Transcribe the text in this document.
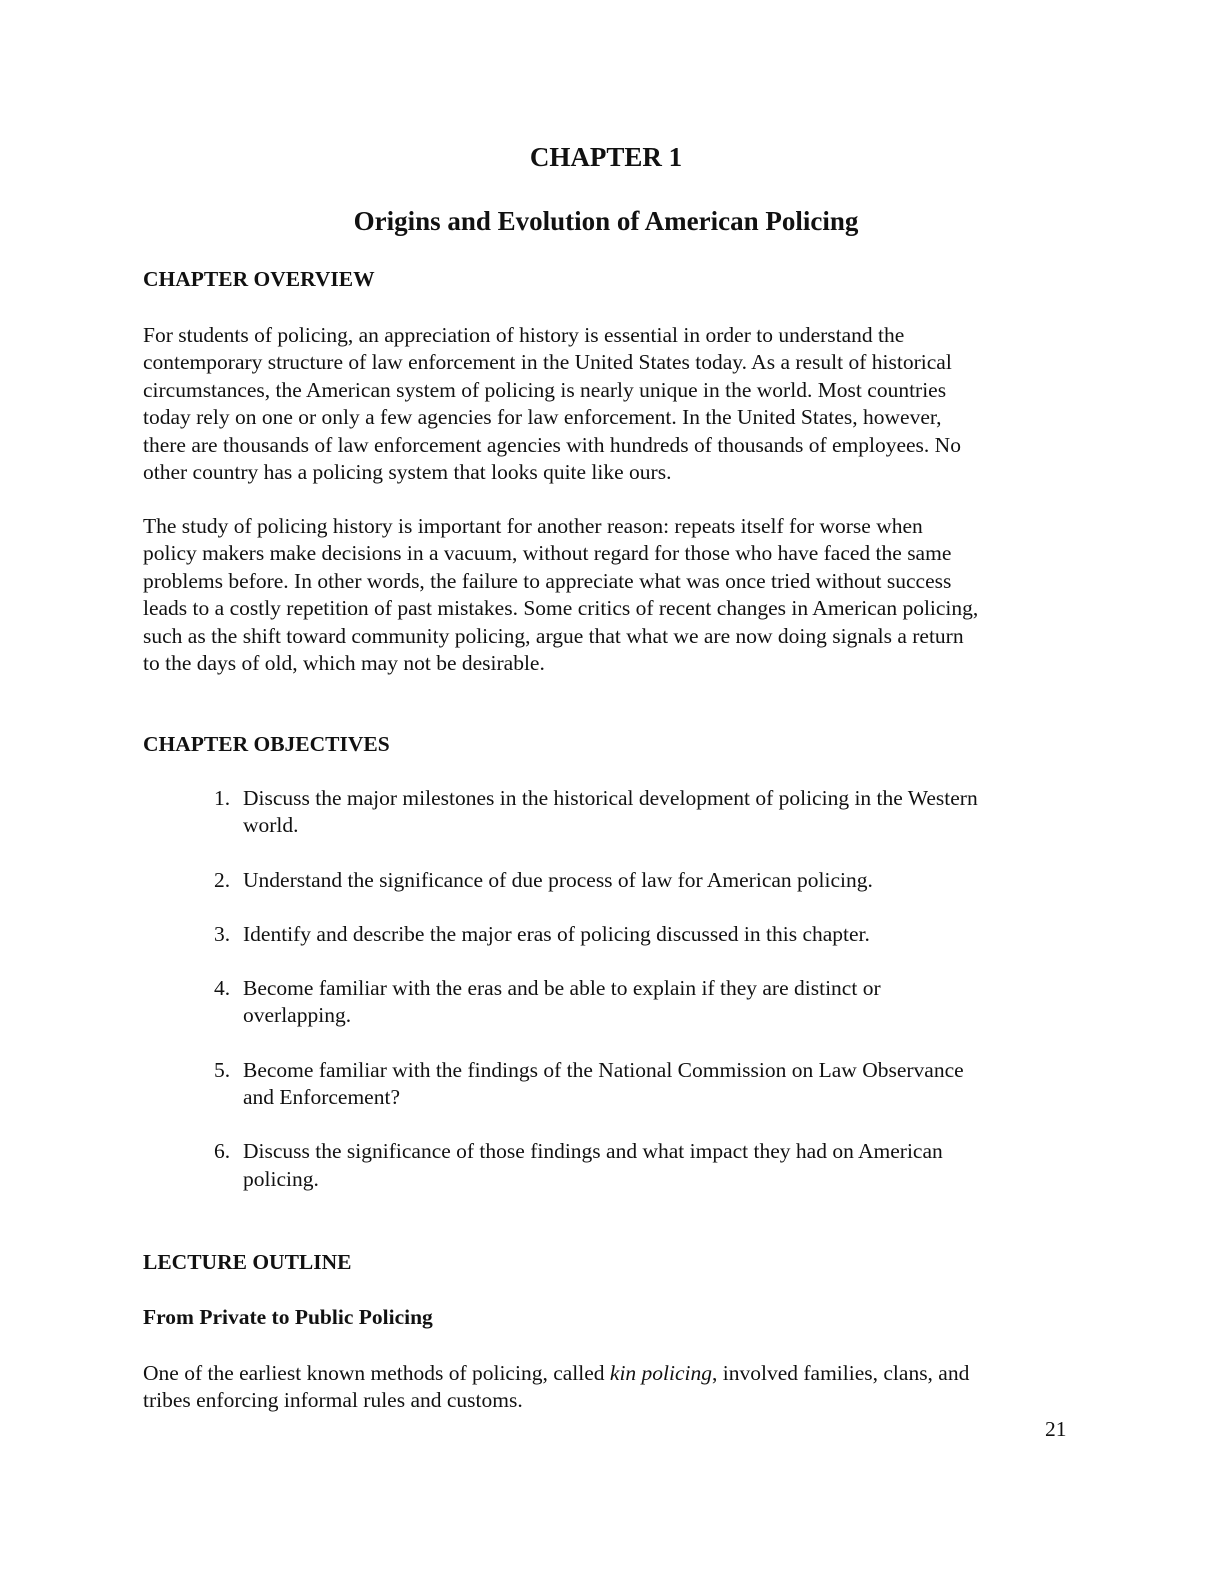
CHAPTER 1
Origins and Evolution of American Policing
CHAPTER OVERVIEW
For students of policing, an appreciation of history is essential in order to understand the
contemporary structure of law enforcement in the United States today. As a result of historical
circumstances, the American system of policing is nearly unique in the world. Most countries
today rely on one or only a few agencies for law enforcement. In the United States, however,
there are thousands of law enforcement agencies with hundreds of thousands of employees. No
other country has a policing system that looks quite like ours.
The study of policing history is important for another reason: repeats itself for worse when
policy makers make decisions in a vacuum, without regard for those who have faced the same
problems before. In other words, the failure to appreciate what was once tried without success
leads to a costly repetition of past mistakes. Some critics of recent changes in American policing,
such as the shift toward community policing, argue that what we are now doing signals a return
to the days of old, which may not be desirable.
CHAPTER OBJECTIVES
1. Discuss the major milestones in the historical development of policing in the Western
world.
2. Understand the significance of due process of law for American policing.
3. Identify and describe the major eras of policing discussed in this chapter.
4. Become familiar with the eras and be able to explain if they are distinct or
overlapping.
5. Become familiar with the findings of the National Commission on Law Observance
and Enforcement?
6. Discuss the significance of those findings and what impact they had on American
policing.
LECTURE OUTLINE
From Private to Public Policing
One of the earliest known methods of policing, called kin policing, involved families, clans, and
tribes enforcing informal rules and customs.
21
